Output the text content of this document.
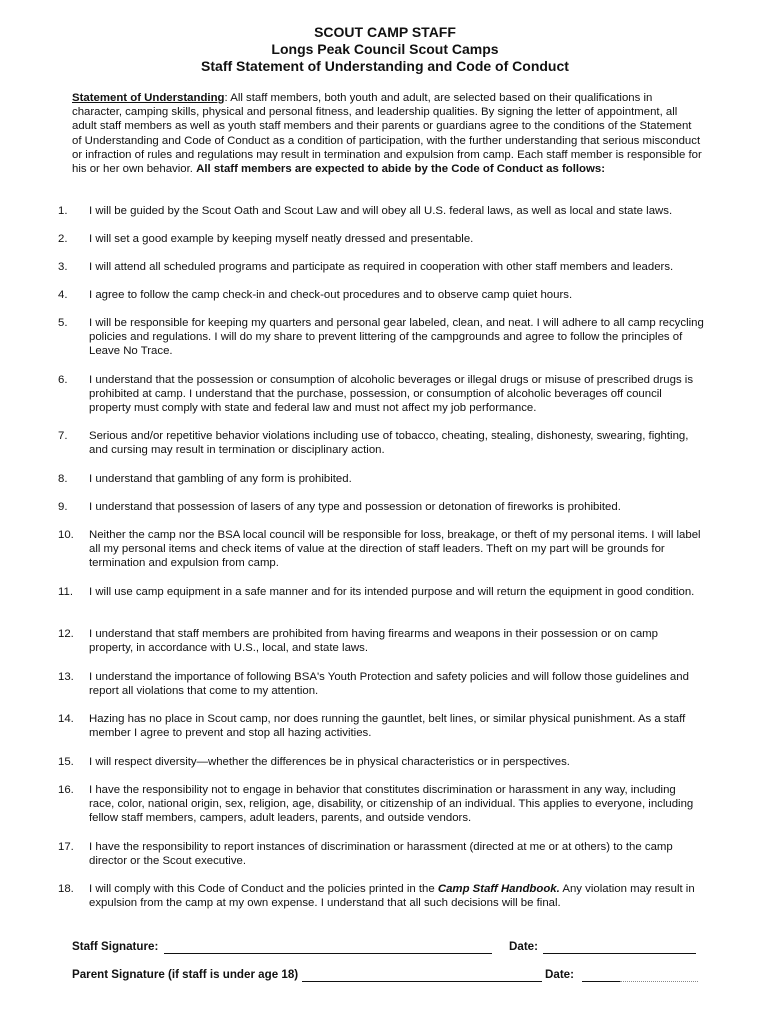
SCOUT CAMP STAFF
Longs Peak Council Scout Camps
Staff Statement of Understanding and Code of Conduct
Statement of Understanding: All staff members, both youth and adult, are selected based on their qualifications in character, camping skills, physical and personal fitness, and leadership qualities. By signing the letter of appointment, all adult staff members as well as youth staff members and their parents or guardians agree to the conditions of the Statement of Understanding and Code of Conduct as a condition of participation, with the further understanding that serious misconduct or infraction of rules and regulations may result in termination and expulsion from camp. Each staff member is responsible for his or her own behavior. All staff members are expected to abide by the Code of Conduct as follows:
1.	I will be guided by the Scout Oath and Scout Law and will obey all U.S. federal laws, as well as local and state laws.
2.	I will set a good example by keeping myself neatly dressed and presentable.
3.	I will attend all scheduled programs and participate as required in cooperation with other staff members and leaders.
4.	I agree to follow the camp check-in and check-out procedures and to observe camp quiet hours.
5.	I will be responsible for keeping my quarters and personal gear labeled, clean, and neat. I will adhere to all camp recycling policies and regulations. I will do my share to prevent littering of the campgrounds and agree to follow the principles of Leave No Trace.
6.	I understand that the possession or consumption of alcoholic beverages or illegal drugs or misuse of prescribed drugs is prohibited at camp. I understand that the purchase, possession, or consumption of alcoholic beverages off council property must comply with state and federal law and must not affect my job performance.
7.	Serious and/or repetitive behavior violations including use of tobacco, cheating, stealing, dishonesty, swearing, fighting, and cursing may result in termination or disciplinary action.
8.	I understand that gambling of any form is prohibited.
9.	I understand that possession of lasers of any type and possession or detonation of fireworks is prohibited.
10.	Neither the camp nor the BSA local council will be responsible for loss, breakage, or theft of my personal items. I will label all my personal items and check items of value at the direction of staff leaders. Theft on my part will be grounds for termination and expulsion from camp.
11.	I will use camp equipment in a safe manner and for its intended purpose and will return the equipment in good condition.
12.	I understand that staff members are prohibited from having firearms and weapons in their possession or on camp property, in accordance with U.S., local, and state laws.
13.	I understand the importance of following BSA's Youth Protection and safety policies and will follow those guidelines and report all violations that come to my attention.
14.	Hazing has no place in Scout camp, nor does running the gauntlet, belt lines, or similar physical punishment. As a staff member I agree to prevent and stop all hazing activities.
15.	I will respect diversity—whether the differences be in physical characteristics or in perspectives.
16.	I have the responsibility not to engage in behavior that constitutes discrimination or harassment in any way, including race, color, national origin, sex, religion, age, disability, or citizenship of an individual. This applies to everyone, including fellow staff members, campers, adult leaders, parents, and outside vendors.
17.	I have the responsibility to report instances of discrimination or harassment (directed at me or at others) to the camp director or the Scout executive.
18.	I will comply with this Code of Conduct and the policies printed in the Camp Staff Handbook. Any violation may result in expulsion from the camp at my own expense. I understand that all such decisions will be final.
Staff Signature:	Date:
Parent Signature (if staff is under age 18)	Date:
